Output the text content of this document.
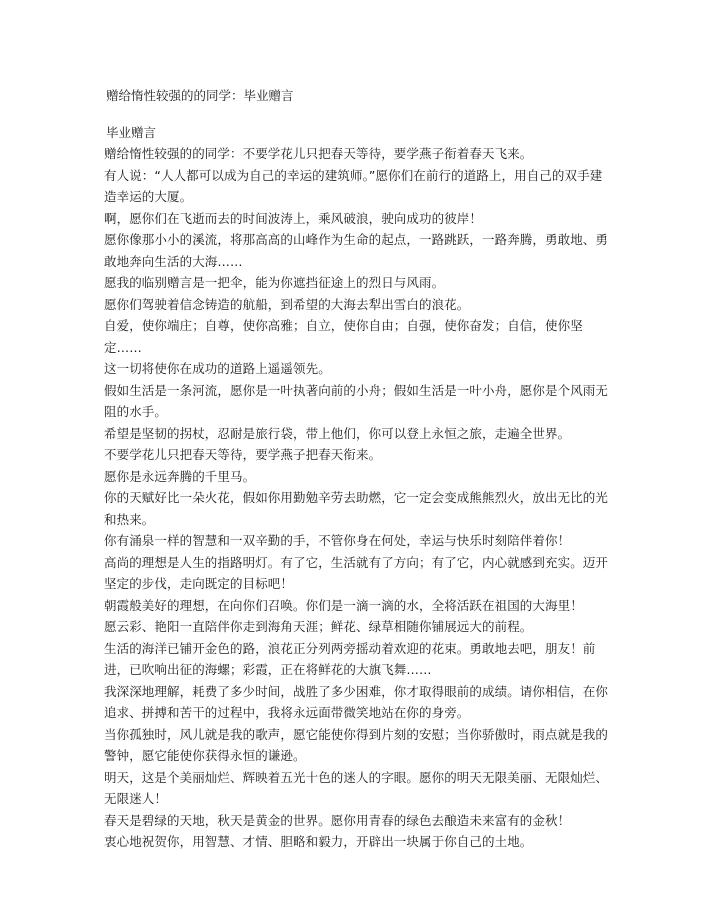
赠给惰性较强的的同学：毕业赠言
毕业赠言

赠给惰性较强的的同学：不要学花儿只把春天等待，要学燕子衔着春天飞来。

有人说：“人人都可以成为自己的幸运的建筑师。”愿你们在前行的道路上，用自己的双手建造幸运的大厦。

啊，愿你们在飞逝而去的时间波涛上，乘风破浪，驶向成功的彼岸！

愿你像那小小的溪流，将那高高的山峰作为生命的起点，一路跳跃，一路奔腾，勇敢地、勇敢地奔向生活的大海……

愿我的临别赠言是一把伞，能为你遮挡征途上的烈日与风雨。

愿你们驾驶着信念铸造的航船，到希望的大海去犁出雪白的浪花。

自爱，使你端庄；自尊，使你高雅；自立，使你自由；自强，使你奋发；自信，使你坚定……

这一切将使你在成功的道路上遥遥领先。

假如生活是一条河流，愿你是一叶执著向前的小舟；假如生活是一叶小舟，愿你是个风雨无阻的水手。

希望是坚韧的拐杖，忍耐是旅行袋，带上他们，你可以登上永恒之旅，走遍全世界。

不要学花儿只把春天等待，要学燕子把春天衔来。

愿你是永远奔腾的千里马。

你的天赋好比一朵火花，假如你用勤勉辛劳去助燃，它一定会变成熊熊烈火，放出无比的光和热来。

你有涌泉一样的智慧和一双辛勤的手，不管你身在何处，幸运与快乐时刻陪伴着你！

高尚的理想是人生的指路明灯。有了它，生活就有了方向；有了它，内心就感到充实。迈开坚定的步伐，走向既定的目标吧！

朝霞般美好的理想，在向你们召唤。你们是一滴一滴的水，全将活跃在祖国的大海里！

愿云彩、艳阳一直陪伴你走到海角天涯；鲜花、绿草相随你铺展远大的前程。

生活的海洋已铺开金色的路，浪花正分列两旁摇动着欢迎的花束。勇敢地去吧，朋友！前进，已吹响出征的海螺；彩霞，正在将鲜花的大旗飞舞……

我深深地理解，耗费了多少时间，战胜了多少困难，你才取得眼前的成绩。请你相信，在你追求、拼搏和苦干的过程中，我将永远面带微笑地站在你的身旁。

当你孤独时，风儿就是我的歌声，愿它能使你得到片刻的安慰；当你骄傲时，雨点就是我的警钟，愿它能使你获得永恒的谦逊。

明天，这是个美丽灿烂、辉映着五光十色的迷人的字眼。愿你的明天无限美丽、无限灿烂、无限迷人！

春天是碧绿的天地，秋天是黄金的世界。愿你用青春的绿色去酿造未来富有的金秋！

衷心地祝贺你，用智慧、才情、胆略和毅力，开辟出一块属于你自己的土地。
